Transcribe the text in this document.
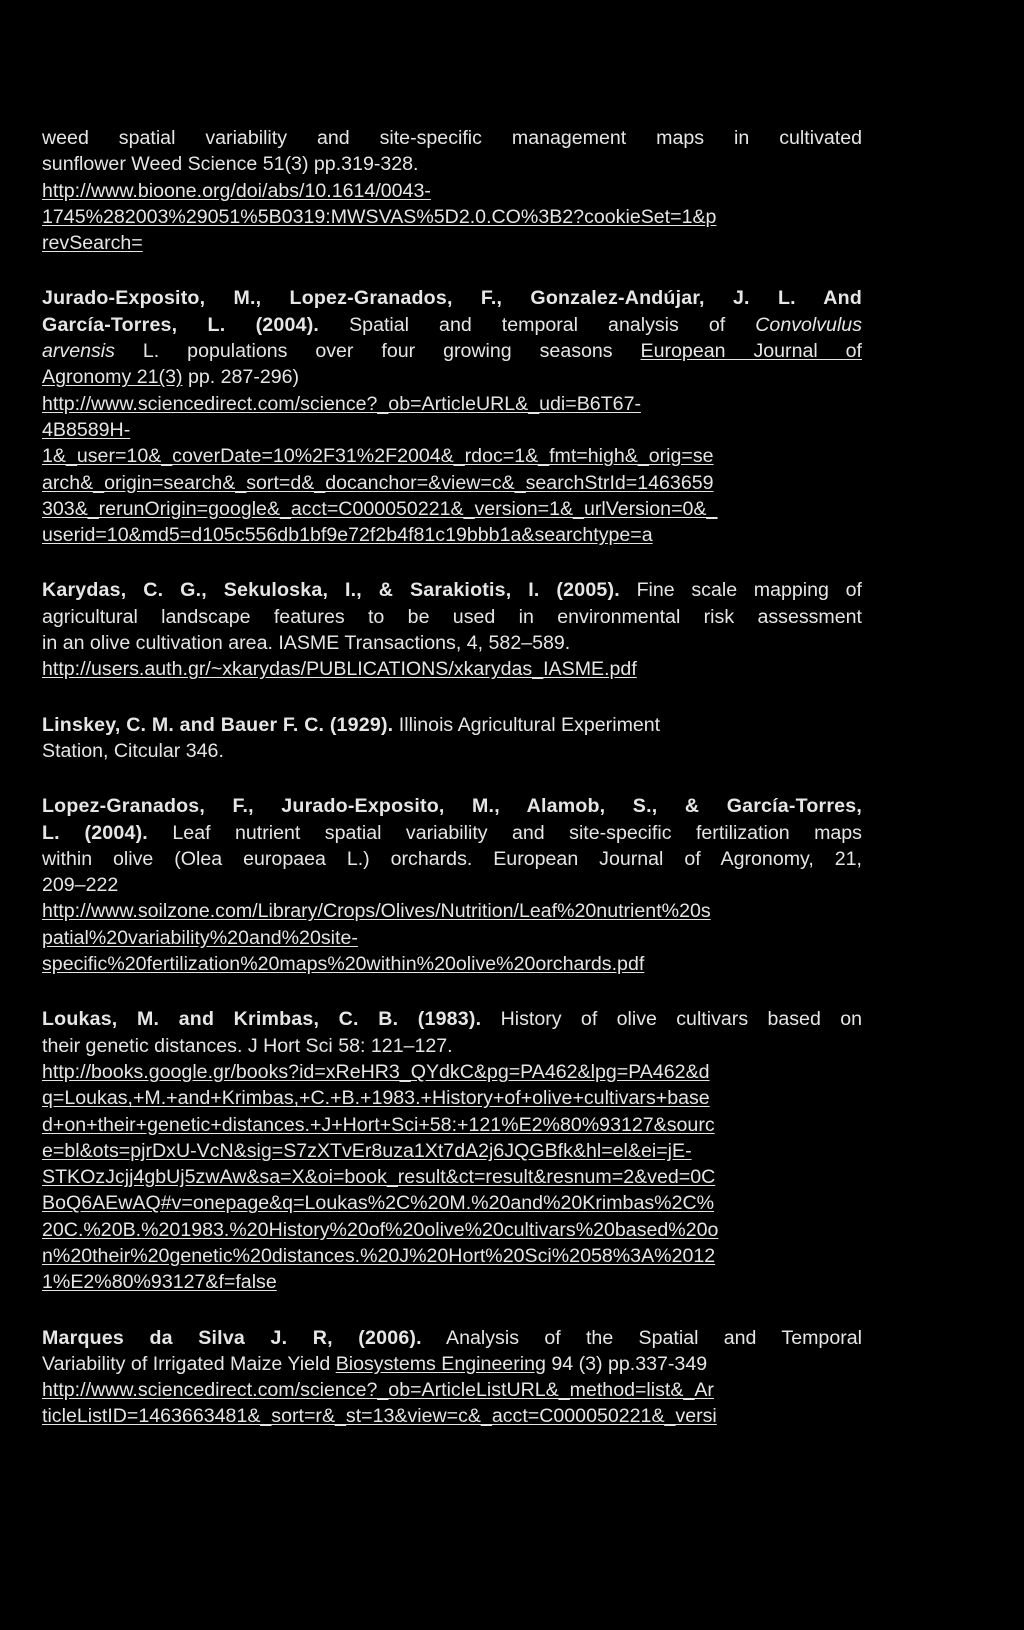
weed spatial variability and site-specific management maps in cultivated
sunflower Weed Science 51(3) pp.319-328.
http://www.bioone.org/doi/abs/10.1614/0043-
1745%282003%29051%5B0319:MWSVAS%5D2.0.CO%3B2?cookieSet=1&p
revSearch=
Jurado-Exposito, M., Lopez-Granados, F., Gonzalez-Andújar, J. L. And
García-Torres, L. (2004). Spatial and temporal analysis of Convolvulus
arvensis L. populations over four growing seasons European Journal of
Agronomy 21(3) pp. 287-296)
http://www.sciencedirect.com/science?_ob=ArticleURL&_udi=B6T67-
4B8589H-
1&_user=10&_coverDate=10%2F31%2F2004&_rdoc=1&_fmt=high&_orig=se
arch&_origin=search&_sort=d&_docanchor=&view=c&_searchStrId=1463659
303&_rerunOrigin=google&_acct=C000050221&_version=1&_urlVersion=0&_
userid=10&md5=d105c556db1bf9e72f2b4f81c19bbb1a&searchtype=a
Karydas, C. G., Sekuloska, I., & Sarakiotis, I. (2005). Fine scale mapping of
agricultural landscape features to be used in environmental risk assessment
in an olive cultivation area. IASME Transactions, 4, 582–589.
http://users.auth.gr/~xkarydas/PUBLICATIONS/xkarydas_IASME.pdf
Linskey, C. M. and Bauer F. C. (1929). Illinois Agricultural Experiment
Station, Citcular 346.
Lopez-Granados, F., Jurado-Exposito, M., Alamob, S., & García-Torres,
L. (2004). Leaf nutrient spatial variability and site-specific fertilization maps
within olive (Olea europaea L.) orchards. European Journal of Agronomy, 21,
209–222
http://www.soilzone.com/Library/Crops/Olives/Nutrition/Leaf%20nutrient%20s
patial%20variability%20and%20site-
specific%20fertilization%20maps%20within%20olive%20orchards.pdf
Loukas, M. and Krimbas, C. B. (1983). History of olive cultivars based on
their genetic distances. J Hort Sci 58: 121–127.
http://books.google.gr/books?id=xReHR3_QYdkC&pg=PA462&lpg=PA462&d
q=Loukas,+M.+and+Krimbas,+C.+B.+1983.+History+of+olive+cultivars+base
d+on+their+genetic+distances.+J+Hort+Sci+58:+121%E2%80%93127&sourc
e=bl&ots=pjrDxU-VcN&sig=S7zXTvEr8uza1Xt7dA2j6JQGBfk&hl=el&ei=jE-
STKOzJcjj4gbUj5zwAw&sa=X&oi=book_result&ct=result&resnum=2&ved=0C
BoQ6AEwAQ#v=onepage&q=Loukas%2C%20M.%20and%20Krimbas%2C%
20C.%20B.%201983.%20History%20of%20olive%20cultivars%20based%20o
n%20their%20genetic%20distances.%20J%20Hort%20Sci%2058%3A%2012
1%E2%80%93127&f=false
Marques da Silva J. R, (2006). Analysis of the Spatial and Temporal
Variability of Irrigated Maize Yield Biosystems Engineering 94 (3) pp.337-349
http://www.sciencedirect.com/science?_ob=ArticleListURL&_method=list&_Ar
ticleListID=1463663481&_sort=r&_st=13&view=c&_acct=C000050221&_versi
